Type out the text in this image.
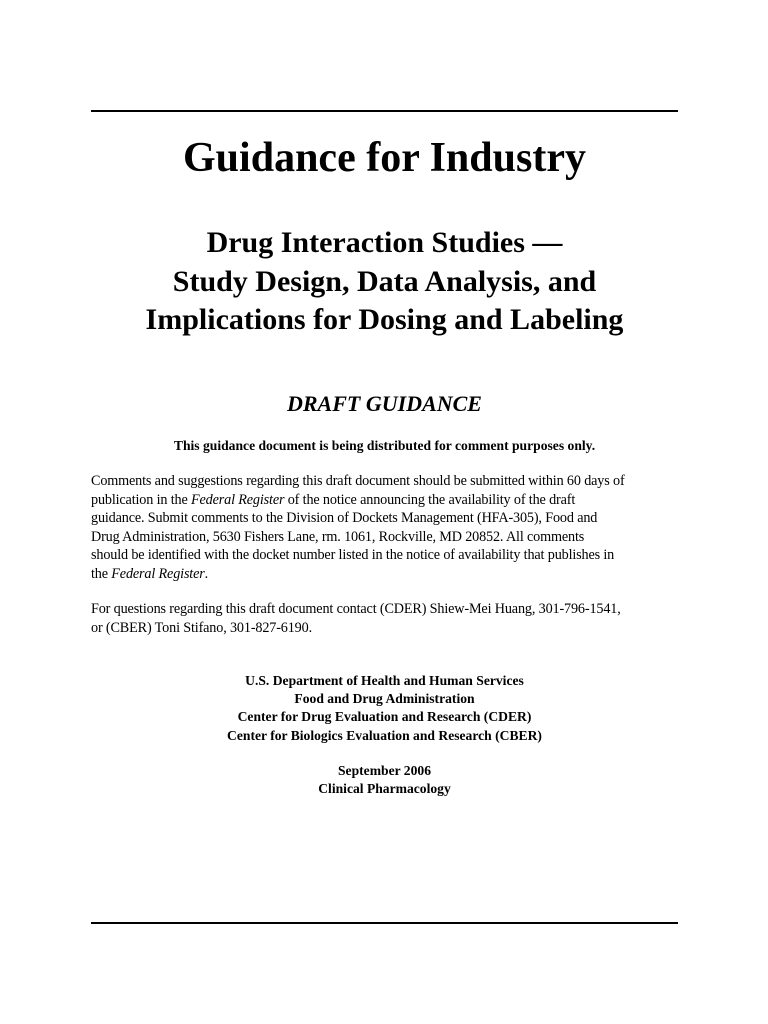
Guidance for Industry
Drug Interaction Studies —
Study Design, Data Analysis, and
Implications for Dosing and Labeling
DRAFT GUIDANCE
This guidance document is being distributed for comment purposes only.
Comments and suggestions regarding this draft document should be submitted within 60 days of
publication in the Federal Register of the notice announcing the availability of the draft
guidance. Submit comments to the Division of Dockets Management (HFA-305), Food and
Drug Administration, 5630 Fishers Lane, rm. 1061, Rockville, MD 20852. All comments
should be identified with the docket number listed in the notice of availability that publishes in
the Federal Register.
For questions regarding this draft document contact (CDER) Shiew-Mei Huang, 301-796-1541,
or (CBER) Toni Stifano, 301-827-6190.
U.S. Department of Health and Human Services
Food and Drug Administration
Center for Drug Evaluation and Research (CDER)
Center for Biologics Evaluation and Research (CBER)
September 2006
Clinical Pharmacology
